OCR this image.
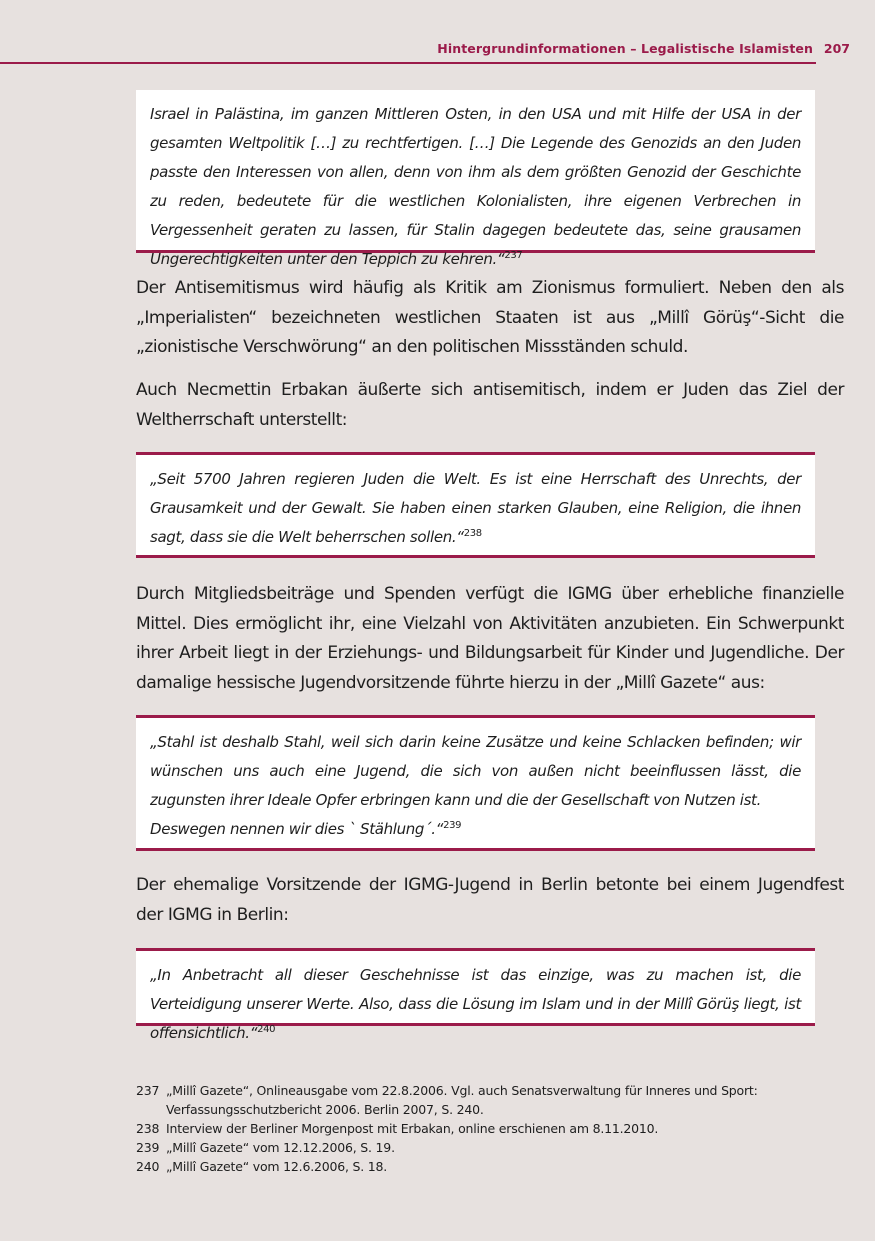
Hintergrundinformationen – Legalistische Islamisten 207

Israel in Palästina, im ganzen Mittleren Osten, in den USA und mit Hilfe der USA in der gesamten Weltpolitik […] zu rechtfertigen. […] Die Legende des Genozids an den Juden passte den Interessen von allen, denn von ihm als dem größten Genozid der Geschichte zu reden, bedeutete für die westlichen Kolonialisten, ihre eigenen Verbrechen in Vergessenheit geraten zu lassen, für Stalin dagegen bedeutete das, seine grausamen Ungerechtigkeiten unter den Teppich zu kehren.“$^{237}$

Der Antisemitismus wird häufig als Kritik am Zionismus formuliert. Neben den als „Imperialisten“ bezeichneten westlichen Staaten ist aus „Millî Görüş“-Sicht die „zionistische Verschwörung“ an den politischen Missständen schuld.

Auch Necmettin Erbakan äußerte sich antisemitisch, indem er Juden das Ziel der Weltherrschaft unterstellt:

„Seit 5700 Jahren regieren Juden die Welt. Es ist eine Herrschaft des Unrechts, der Grausamkeit und der Gewalt. Sie haben einen starken Glauben, eine Religion, die ihnen sagt, dass sie die Welt beherrschen sollen.“$^{238}$

Durch Mitgliedsbeiträge und Spenden verfügt die IGMG über erhebliche finanzielle Mittel. Dies ermöglicht ihr, eine Vielzahl von Aktivitäten anzubieten. Ein Schwerpunkt ihrer Arbeit liegt in der Erziehungs- und Bildungsarbeit für Kinder und Jugendliche. Der damalige hessische Jugendvorsitzende führte hierzu in der „Millî Gazete“ aus:

„Stahl ist deshalb Stahl, weil sich darin keine Zusätze und keine Schlacken befinden; wir wünschen uns auch eine Jugend, die sich von außen nicht beeinflussen lässt, die zugunsten ihrer Ideale Opfer erbringen kann und die der Gesellschaft von Nutzen ist.

Deswegen nennen wir dies ` Stählung´.“$^{239}$

Der ehemalige Vorsitzende der IGMG-Jugend in Berlin betonte bei einem Jugendfest der IGMG in Berlin:

„In Anbetracht all dieser Geschehnisse ist das einzige, was zu machen ist, die Verteidigung unserer Werte. Also, dass die Lösung im Islam und in der Millî Görüş liegt, ist offensichtlich.“$^{240}$

237 „Millî Gazete“, Onlineausgabe vom 22.8.2006. Vgl. auch Senatsverwaltung für Inneres und Sport: Verfassungsschutzbericht 2006. Berlin 2007, S. 240.
238 Interview der Berliner Morgenpost mit Erbakan, online erschienen am 8.11.2010.
239 „Millî Gazete“ vom 12.12.2006, S. 19.
240 „Millî Gazete“ vom 12.6.2006, S. 18.
